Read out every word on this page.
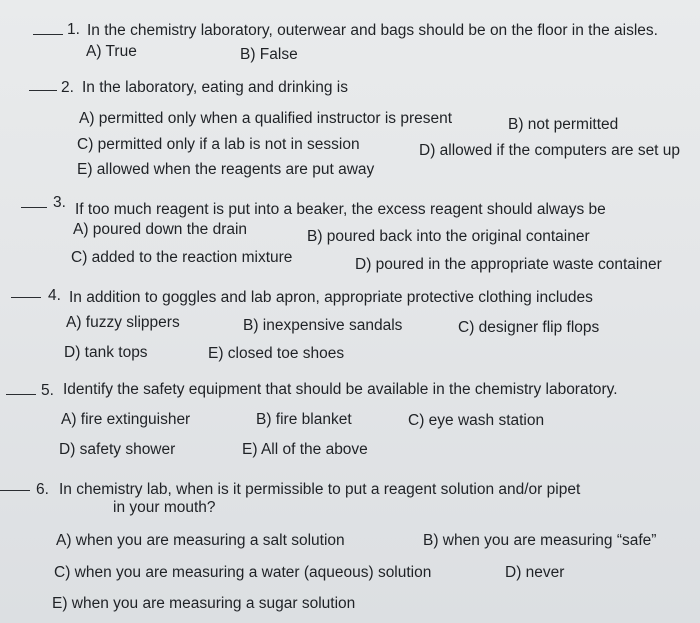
1. In the chemistry laboratory, outerwear and bags should be on the floor in the aisles.
A) True	B) False
2. In the laboratory, eating and drinking is
A) permitted only when a qualified instructor is present	B) not permitted
C) permitted only if a lab is not in session	D) allowed if the computers are set up
E) allowed when the reagents are put away
3. If too much reagent is put into a beaker, the excess reagent should always be
A) poured down the drain	B) poured back into the original container
C) added to the reaction mixture	D) poured in the appropriate waste container
4. In addition to goggles and lab apron, appropriate protective clothing includes
A) fuzzy slippers	B) inexpensive sandals	C) designer flip flops
D) tank tops	E) closed toe shoes
5. Identify the safety equipment that should be available in the chemistry laboratory.
A) fire extinguisher	B) fire blanket	C) eye wash station
D) safety shower	E) All of the above
6. In chemistry lab, when is it permissible to put a reagent solution and/or pipet
in your mouth?
A) when you are measuring a salt solution	B) when you are measuring “safe”
C) when you are measuring a water (aqueous) solution	D) never
E) when you are measuring a sugar solution
